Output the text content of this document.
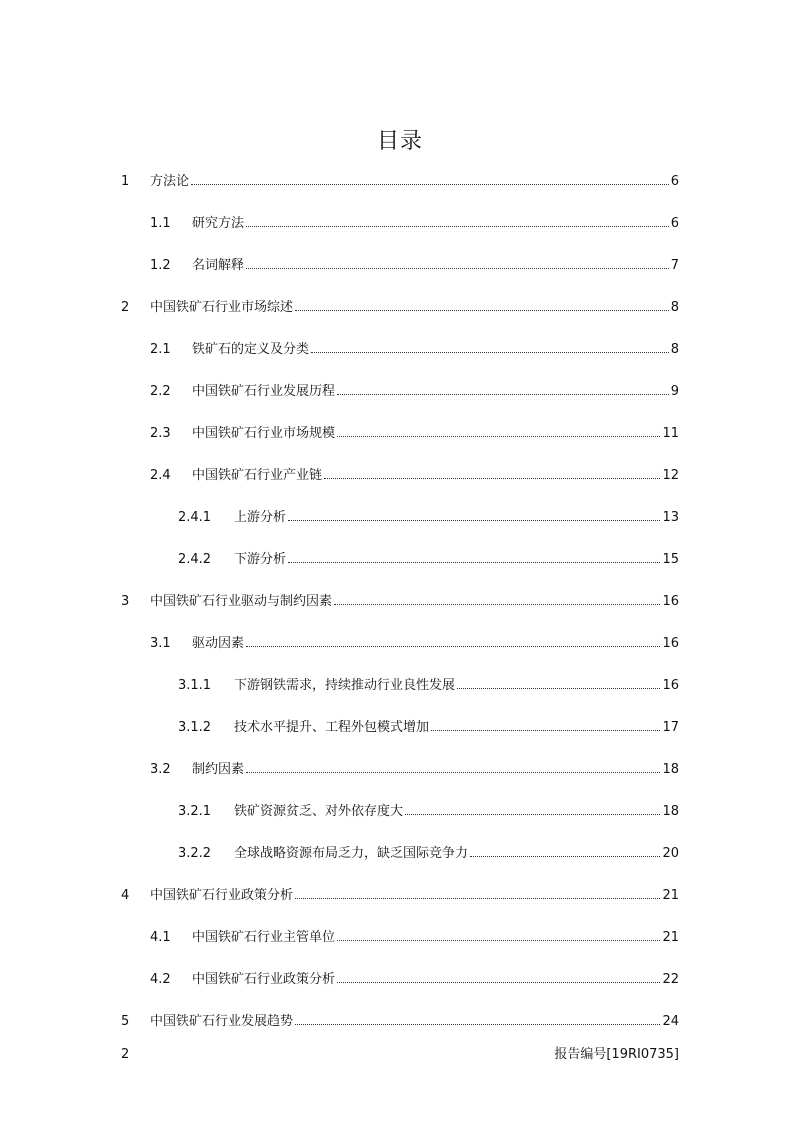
目录
1 方法论	6
1.1 研究方法	6
1.2 名词解释	7
2 中国铁矿石行业市场综述	8
2.1 铁矿石的定义及分类	8
2.2 中国铁矿石行业发展历程	9
2.3 中国铁矿石行业市场规模	11
2.4 中国铁矿石行业产业链	12
2.4.1 上游分析	13
2.4.2 下游分析	15
3 中国铁矿石行业驱动与制约因素	16
3.1 驱动因素	16
3.1.1 下游钢铁需求，持续推动行业良性发展	16
3.1.2 技术水平提升、工程外包模式增加	17
3.2 制约因素	18
3.2.1 铁矿资源贫乏、对外依存度大	18
3.2.2 全球战略资源布局乏力，缺乏国际竞争力	20
4 中国铁矿石行业政策分析	21
4.1 中国铁矿石行业主管单位	21
4.2 中国铁矿石行业政策分析	22
5 中国铁矿石行业发展趋势	24
2	报告编号[19RI0735]
